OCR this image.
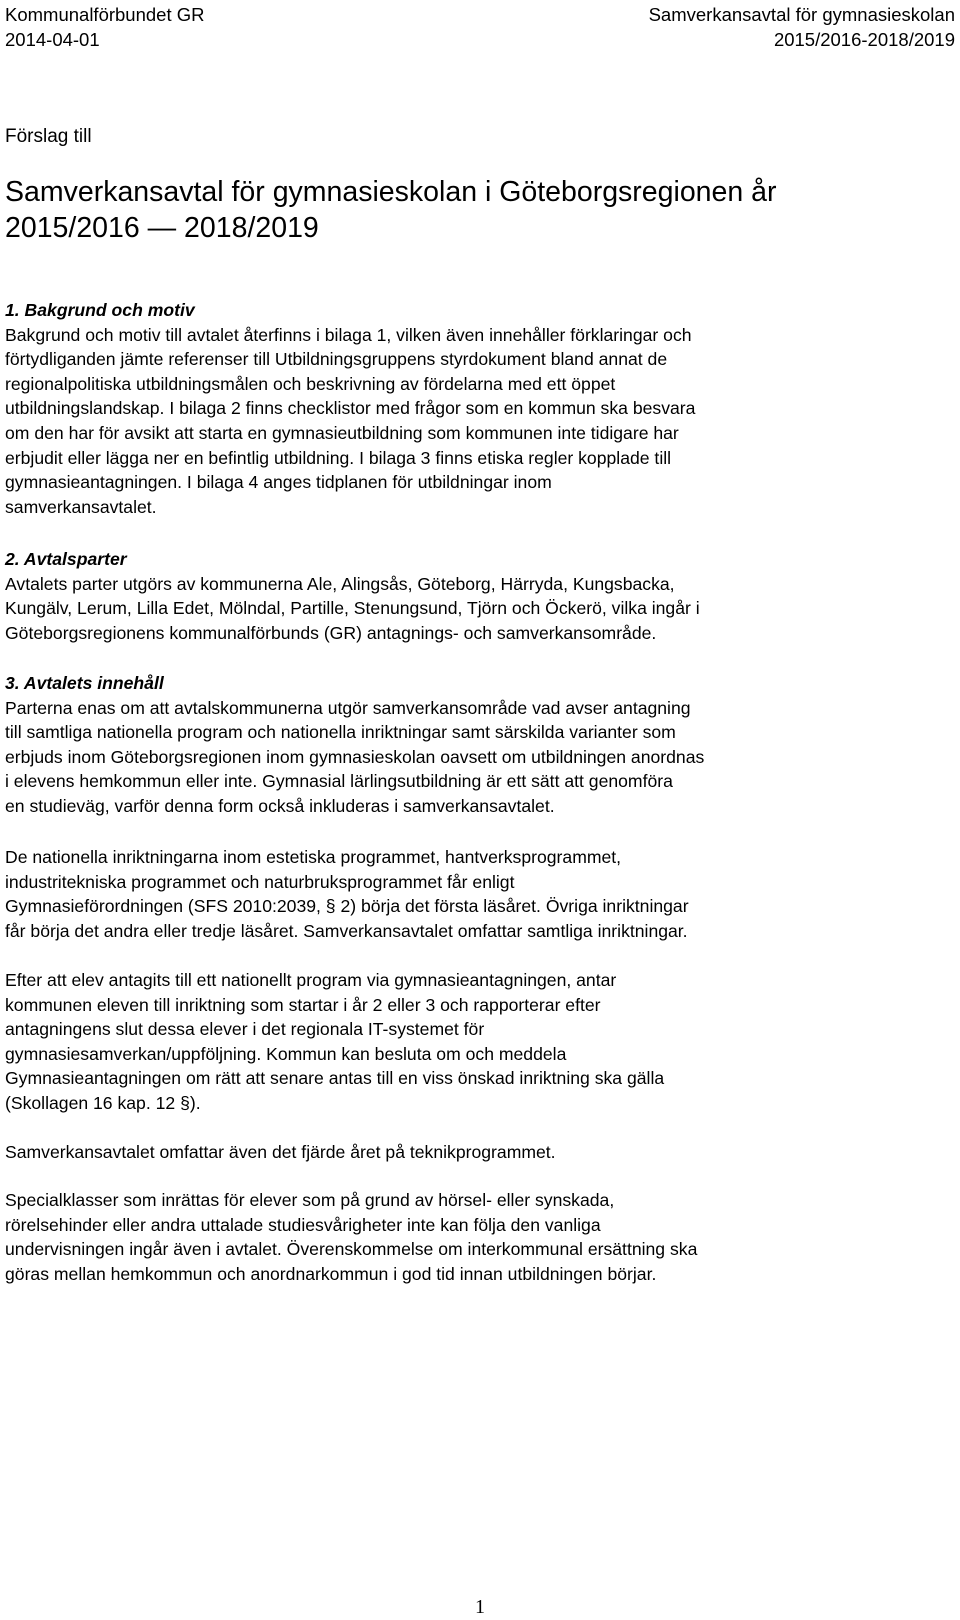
Kommunalförbundet GR	Samverkansavtal för gymnasieskolan
2014-04-01	2015/2016-2018/2019
Förslag till
Samverkansavtal för gymnasieskolan i Göteborgsregionen år
2015/2016 — 2018/2019
1. Bakgrund och motiv
Bakgrund och motiv till avtalet återfinns i bilaga 1, vilken även innehåller förklaringar och
förtydliganden jämte referenser till Utbildningsgruppens styrdokument bland annat de
regionalpolitiska utbildningsmålen och beskrivning av fördelarna med ett öppet
utbildningslandskap. I bilaga 2 finns checklistor med frågor som en kommun ska besvara
om den har för avsikt att starta en gymnasieutbildning som kommunen inte tidigare har
erbjudit eller lägga ner en befintlig utbildning. I bilaga 3 finns etiska regler kopplade till
gymnasieantagningen. I bilaga 4 anges tidplanen för utbildningar inom
samverkansavtalet.
2. Avtalsparter
Avtalets parter utgörs av kommunerna Ale, Alingsås, Göteborg, Härryda, Kungsbacka,
Kungälv, Lerum, Lilla Edet, Mölndal, Partille, Stenungsund, Tjörn och Öckerö, vilka ingår i
Göteborgsregionens kommunalförbunds (GR) antagnings- och samverkansområde.
3. Avtalets innehåll
Parterna enas om att avtalskommunerna utgör samverkansområde vad avser antagning
till samtliga nationella program och nationella inriktningar samt särskilda varianter som
erbjuds inom Göteborgsregionen inom gymnasieskolan oavsett om utbildningen anordnas
i elevens hemkommun eller inte. Gymnasial lärlingsutbildning är ett sätt att genomföra
en studieväg, varför denna form också inkluderas i samverkansavtalet.
De nationella inriktningarna inom estetiska programmet, hantverksprogrammet,
industritekniska programmet och naturbruksprogrammet får enligt
Gymnasieförordningen (SFS 2010:2039, § 2) börja det första läsåret. Övriga inriktningar
får börja det andra eller tredje läsåret. Samverkansavtalet omfattar samtliga inriktningar.
Efter att elev antagits till ett nationellt program via gymnasieantagningen, antar
kommunen eleven till inriktning som startar i år 2 eller 3 och rapporterar efter
antagningens slut dessa elever i det regionala IT-systemet för
gymnasiesamverkan/uppföljning. Kommun kan besluta om och meddela
Gymnasieantagningen om rätt att senare antas till en viss önskad inriktning ska gälla
(Skollagen 16 kap. 12 §).
Samverkansavtalet omfattar även det fjärde året på teknikprogrammet.
Specialklasser som inrättas för elever som på grund av hörsel- eller synskada,
rörelsehinder eller andra uttalade studiesvårigheter inte kan följa den vanliga
undervisningen ingår även i avtalet. Överenskommelse om interkommunal ersättning ska
göras mellan hemkommun och anordnarkommun i god tid innan utbildningen börjar.
1
